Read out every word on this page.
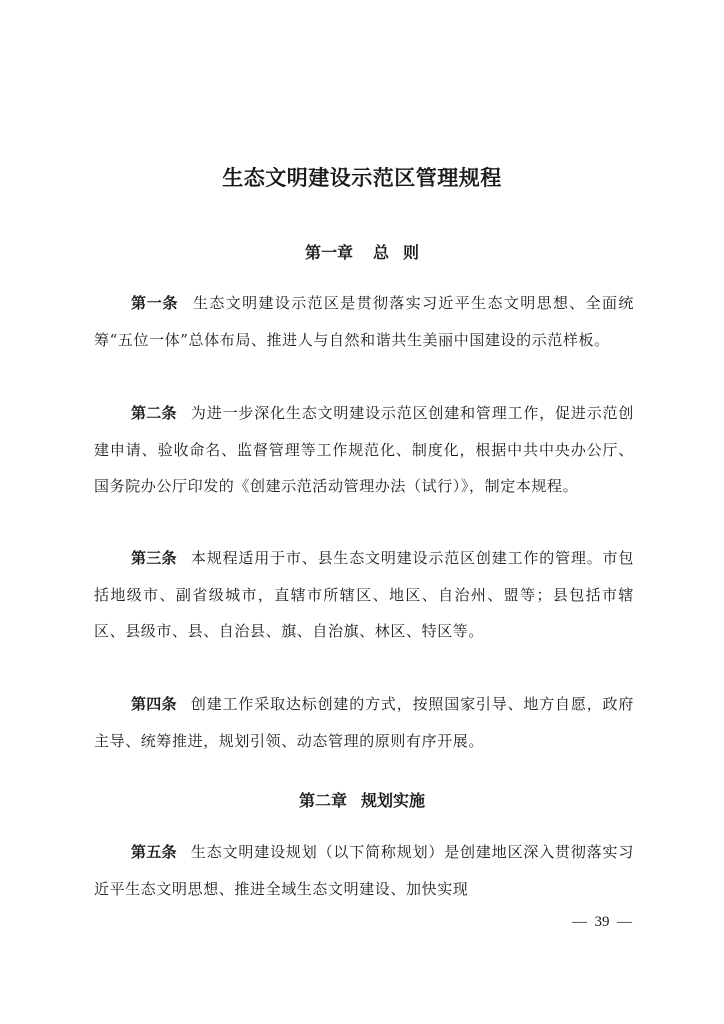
生态文明建设示范区管理规程
第一章 总 则

第一条 生态文明建设示范区是贯彻落实习近平生态文明思想、全面统筹“五位一体”总体布局、推进人与自然和谐共生美丽中国建设的示范样板。

第二条 为进一步深化生态文明建设示范区创建和管理工作，促进示范创建申请、验收命名、监督管理等工作规范化、制度化，根据中共中央办公厅、国务院办公厅印发的《创建示范活动管理办法（试行）》，制定本规程。

第三条 本规程适用于市、县生态文明建设示范区创建工作的管理。市包括地级市、副省级城市，直辖市所辖区、地区、自治州、盟等；县包括市辖区、县级市、县、自治县、旗、自治旗、林区、特区等。

第四条 创建工作采取达标创建的方式，按照国家引导、地方自愿，政府主导、统筹推进，规划引领、动态管理的原则有序开展。

第二章 规划实施

第五条 生态文明建设规划（以下简称规划）是创建地区深入贯彻落实习近平生态文明思想、推进全域生态文明建设、加快实现

— 39 —
